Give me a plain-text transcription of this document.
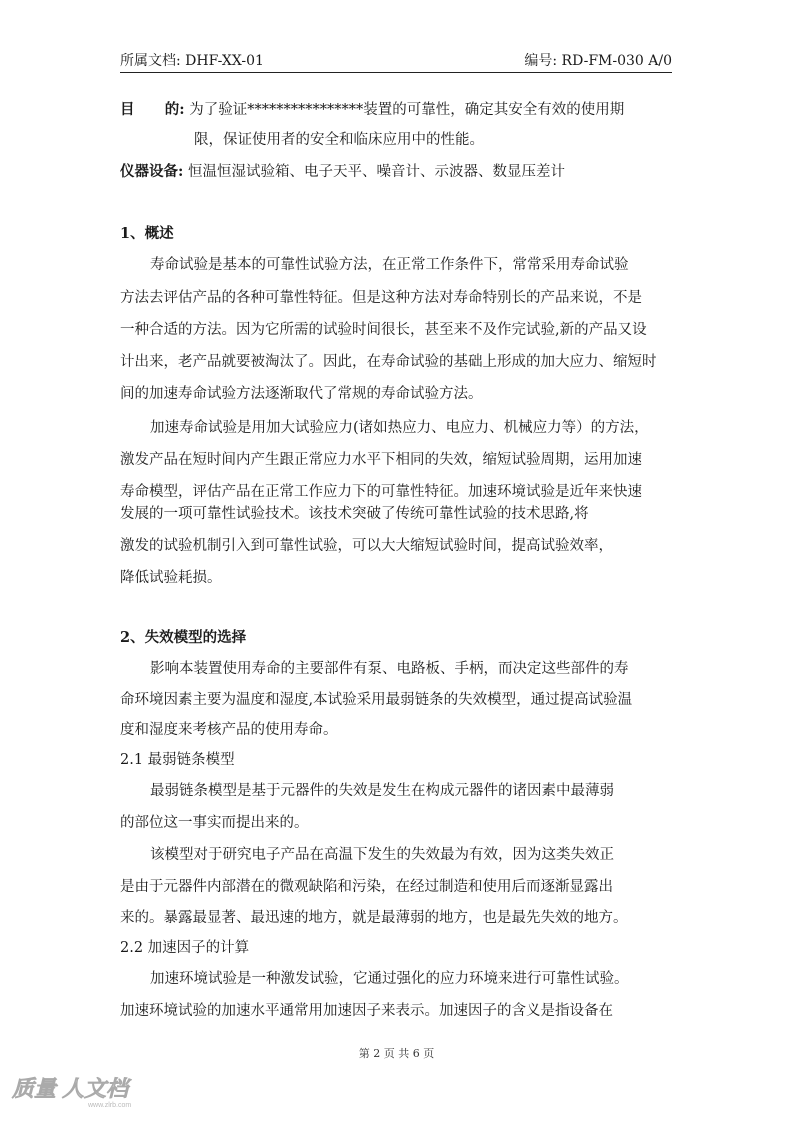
所属文档: DHF-XX-01	编号: RD-FM-030 A/0
目      的: 为了验证****************装置的可靠性，确定其安全有效的使用期
限，保证使用者的安全和临床应用中的性能。
仪器设备: 恒温恒湿试验箱、电子天平、噪音计、示波器、数显压差计
1、概述
寿命试验是基本的可靠性试验方法，在正常工作条件下，常常采用寿命试验
方法去评估产品的各种可靠性特征。但是这种方法对寿命特别长的产品来说，不是
一种合适的方法。因为它所需的试验时间很长，甚至来不及作完试验,新的产品又设
计出来，老产品就要被淘汰了。因此，在寿命试验的基础上形成的加大应力、缩短时
间的加速寿命试验方法逐渐取代了常规的寿命试验方法。
加速寿命试验是用加大试验应力(诸如热应力、电应力、机械应力等）的方法，
激发产品在短时间内产生跟正常应力水平下相同的失效，缩短试验周期，运用加速
寿命模型，评估产品在正常工作应力下的可靠性特征。加速环境试验是近年来快速
发展的一项可靠性试验技术。该技术突破了传统可靠性试验的技术思路,将
激发的试验机制引入到可靠性试验，可以大大缩短试验时间，提高试验效率，
降低试验耗损。
2、失效模型的选择
影响本装置使用寿命的主要部件有泵、电路板、手柄，而决定这些部件的寿
命环境因素主要为温度和湿度,本试验采用最弱链条的失效模型，通过提高试验温
度和湿度来考核产品的使用寿命。
2.1 最弱链条模型
最弱链条模型是基于元器件的失效是发生在构成元器件的诸因素中最薄弱
的部位这一事实而提出来的。
该模型对于研究电子产品在高温下发生的失效最为有效，因为这类失效正
是由于元器件内部潜在的微观缺陷和污染，在经过制造和使用后而逐渐显露出
来的。暴露最显著、最迅速的地方，就是最薄弱的地方，也是最先失效的地方。
2.2 加速因子的计算
加速环境试验是一种激发试验，它通过强化的应力环境来进行可靠性试验。
加速环境试验的加速水平通常用加速因子来表示。加速因子的含义是指设备在
第 2 页 共 6 页
质量 人文档
www.zlrb.com
